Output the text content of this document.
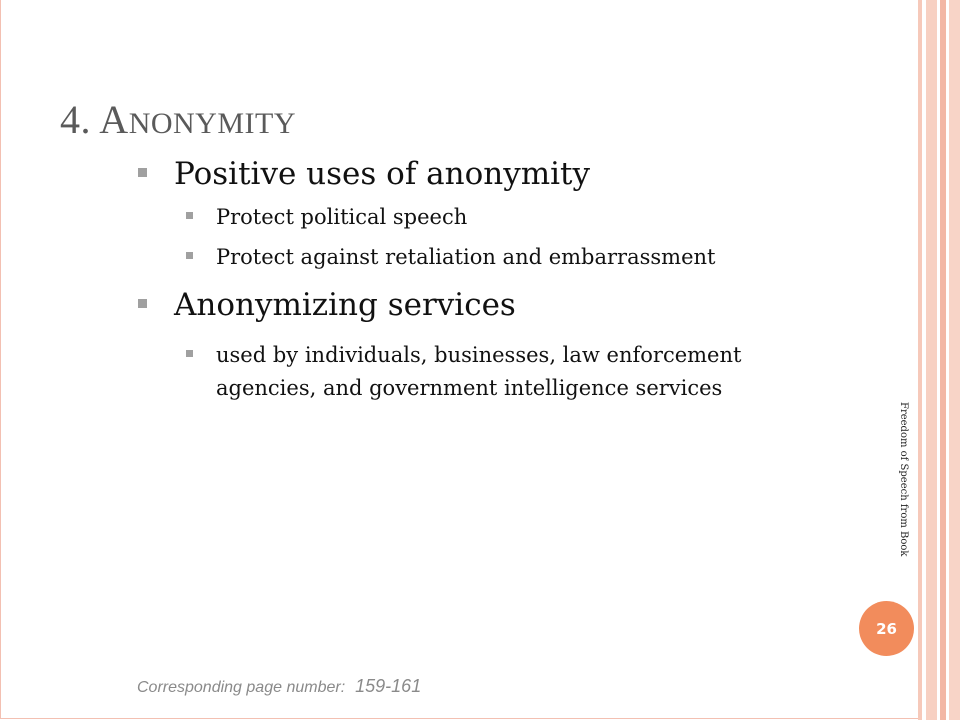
4. ANONYMITY
Positive uses of anonymity
Protect political speech
Protect against retaliation and embarrassment
Anonymizing services
used by individuals, businesses, law enforcement
agencies, and government intelligence services
Freedom of Speech from Book
26
Corresponding page number: 159-161
